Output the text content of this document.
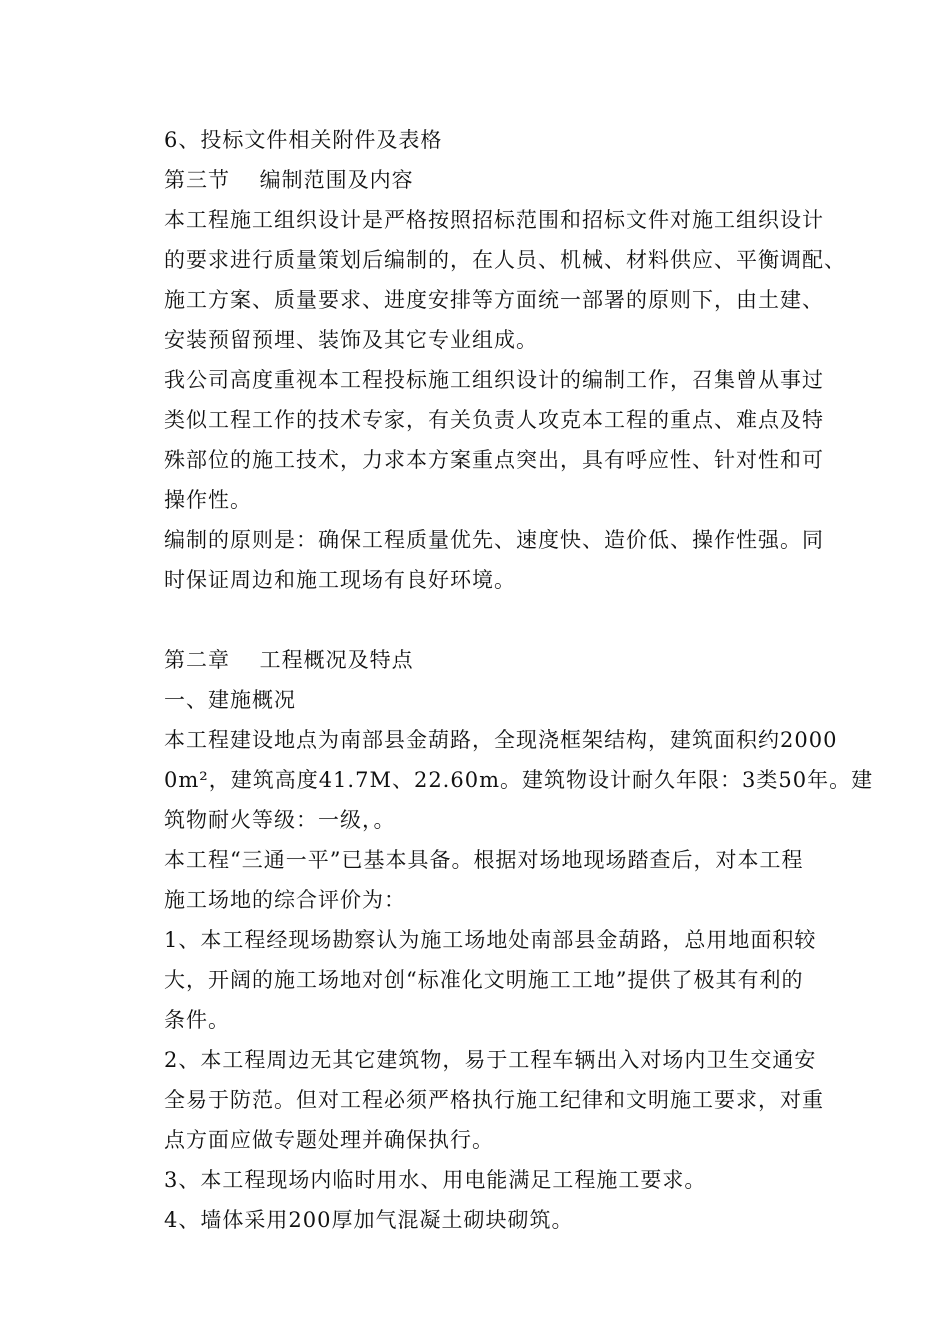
6、投标文件相关附件及表格
第三节　 编制范围及内容
本工程施工组织设计是严格按照招标范围和招标文件对施工组织设计
的要求进行质量策划后编制的，在人员、机械、材料供应、平衡调配、
施工方案、质量要求、进度安排等方面统一部署的原则下，由土建、
安装预留预埋、装饰及其它专业组成。
我公司高度重视本工程投标施工组织设计的编制工作，召集曾从事过
类似工程工作的技术专家，有关负责人攻克本工程的重点、难点及特
殊部位的施工技术，力求本方案重点突出，具有呼应性、针对性和可
操作性。
编制的原则是：确保工程质量优先、速度快、造价低、操作性强。同
时保证周边和施工现场有良好环境。
第二章　 工程概况及特点
一、建施概况
本工程建设地点为南部县金葫路，全现浇框架结构，建筑面积约2000
0m²，建筑高度41.7M、22.60m。建筑物设计耐久年限：3类50年。建
筑物耐火等级：一级，。
本工程“三通一平”已基本具备。根据对场地现场踏查后，对本工程
施工场地的综合评价为：
1、本工程经现场勘察认为施工场地处南部县金葫路，总用地面积较
大，开阔的施工场地对创“标准化文明施工工地”提供了极其有利的
条件。
2、本工程周边无其它建筑物，易于工程车辆出入对场内卫生交通安
全易于防范。但对工程必须严格执行施工纪律和文明施工要求，对重
点方面应做专题处理并确保执行。
3、本工程现场内临时用水、用电能满足工程施工要求。
4、墙体采用200厚加气混凝土砌块砌筑。
